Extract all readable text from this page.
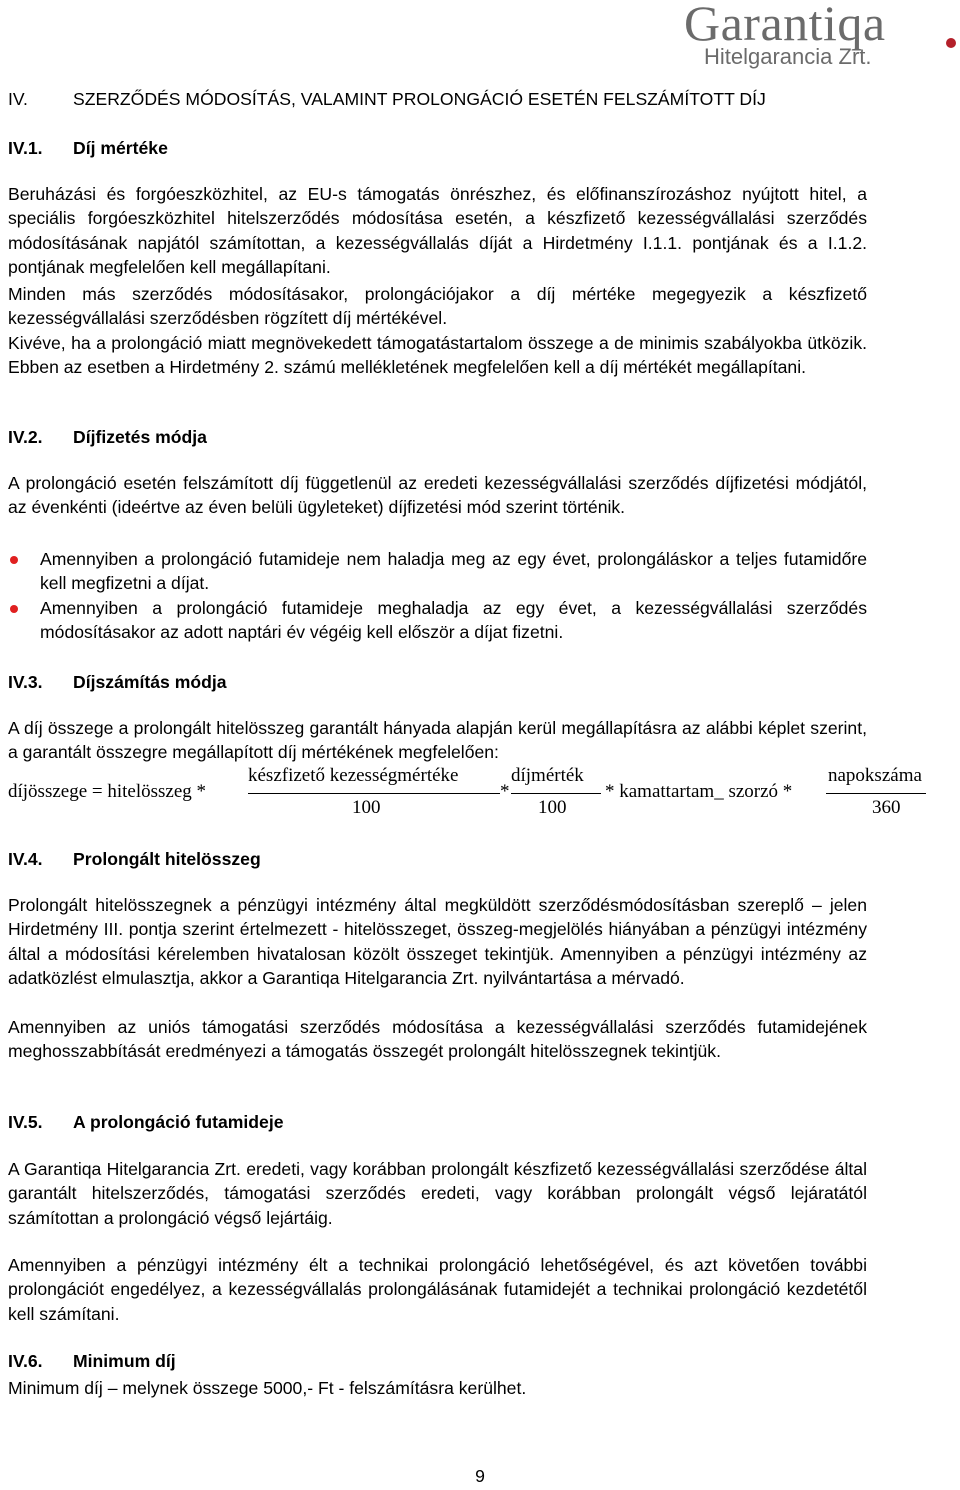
Garantiqa
Hitelgarancia Zrt.
IV.	SZERZŐDÉS MÓDOSÍTÁS, VALAMINT PROLONGÁCIÓ ESETÉN FELSZÁMÍTOTT DÍJ
IV.1. Díj mértéke

Beruházási és forgóeszközhitel, az EU-s támogatás önrészhez, és előfinanszírozáshoz nyújtott hitel, a speciális forgóeszközhitel hitelszerződés módosítása esetén, a készfizető kezességvállalási szerződés módosításának napjától számítottan, a kezességvállalás díját a Hirdetmény I.1.1. pontjának és a I.1.2. pontjának megfelelően kell megállapítani.

Minden más szerződés módosításakor, prolongációjakor a díj mértéke megegyezik a készfizető kezességvállalási szerződésben rögzített díj mértékével.

Kivéve, ha a prolongáció miatt megnövekedett támogatástartalom összege a de minimis szabályokba ütközik. Ebben az esetben a Hirdetmény 2. számú mellékletének megfelelően kell a díj mértékét megállapítani.

IV.2. Díjfizetés módja

A prolongáció esetén felszámított díj függetlenül az eredeti kezességvállalási szerződés díjfizetési módjától, az évenkénti (ideértve az éven belüli ügyleteket) díjfizetési mód szerint történik.

Amennyiben a prolongáció futamideje nem haladja meg az egy évet, prolongáláskor a teljes futamidőre kell megfizetni a díjat.
Amennyiben a prolongáció futamideje meghaladja az egy évet, a kezességvállalási szerződés módosításakor az adott naptári év végéig kell először a díjat fizetni.
IV.3. Díjszámítás módja

A díj összege a prolongált hitelösszeg garantált hányada alapján kerül megállapításra az alábbi képlet szerint, a garantált összegre megállapított díj mértékének megfelelően:

díjösszege = hitelösszeg *
készfizető kezességmértéke
100
*
díjmérték
100
* kamattartam_ szorzó *
napokszáma
360
IV.4. Prolongált hitelösszeg

Prolongált hitelösszegnek a pénzügyi intézmény által megküldött szerződésmódosításban szereplő – jelen Hirdetmény III. pontja szerint értelmezett - hitelösszeget, összeg-megjelölés hiányában a pénzügyi intézmény által a módosítási kérelemben hivatalosan közölt összeget tekintjük. Amennyiben a pénzügyi intézmény az adatközlést elmulasztja, akkor a Garantiqa Hitelgarancia Zrt. nyilvántartása a mérvadó.

Amennyiben az uniós támogatási szerződés módosítása a kezességvállalási szerződés futamidejének meghosszabbítását eredményezi a támogatás összegét prolongált hitelösszegnek tekintjük.

IV.5. A prolongáció futamideje

A Garantiqa Hitelgarancia Zrt. eredeti, vagy korábban prolongált készfizető kezességvállalási szerződése által garantált hitelszerződés, támogatási szerződés eredeti, vagy korábban prolongált végső lejáratától számítottan a prolongáció végső lejártáig.

Amennyiben a pénzügyi intézmény élt a technikai prolongáció lehetőségével, és azt követően további prolongációt engedélyez, a kezességvállalás prolongálásának futamidejét a technikai prolongáció kezdetétől kell számítani.

IV.6. Minimum díj

Minimum díj – melynek összege 5000,- Ft - felszámításra kerülhet.

9
